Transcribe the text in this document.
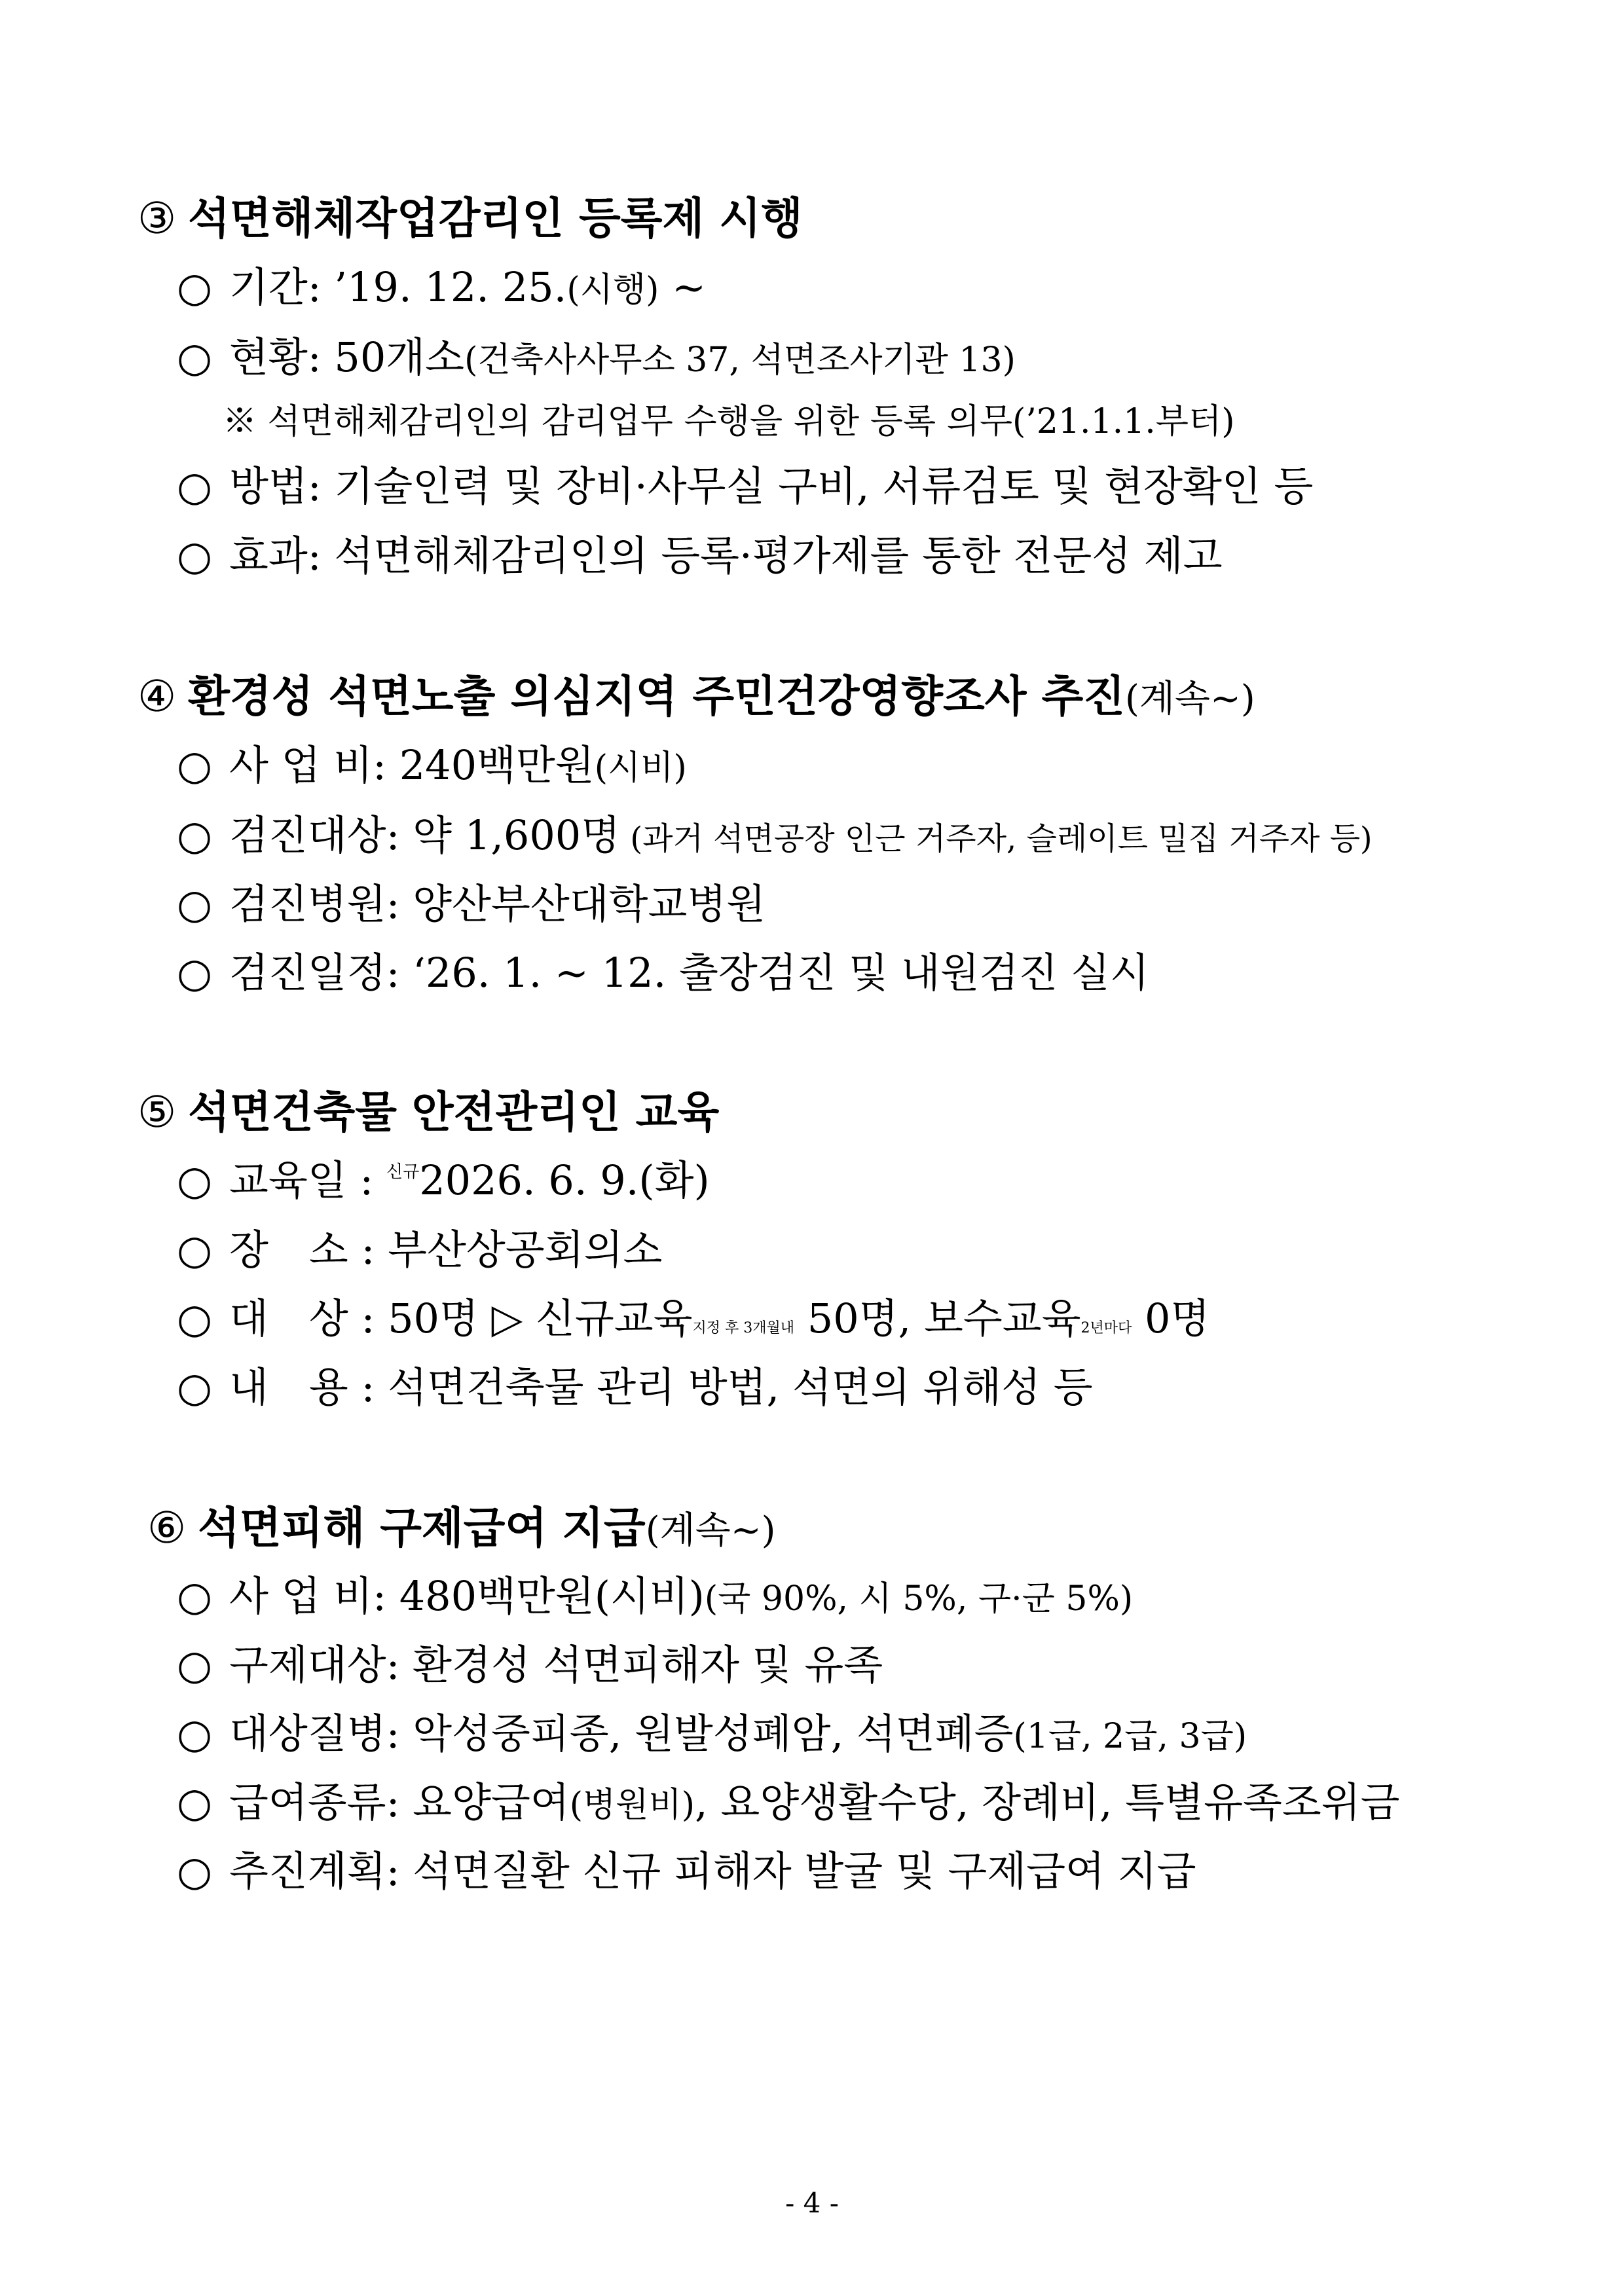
③ 석면해체작업감리인 등록제 시행
○ 기간: ’19. 12. 25.(시행) ~
○ 현황: 50개소(건축사사무소 37, 석면조사기관 13)
※ 석면해체감리인의 감리업무 수행을 위한 등록 의무(’21.1.1.부터)
○ 방법: 기술인력 및 장비·사무실 구비, 서류검토 및 현장확인 등
○ 효과: 석면해체감리인의 등록·평가제를 통한 전문성 제고
④ 환경성 석면노출 의심지역 주민건강영향조사 추진(계속~)
○ 사 업 비: 240백만원(시비)
○ 검진대상: 약 1,600명 (과거 석면공장 인근 거주자, 슬레이트 밀집 거주자 등)
○ 검진병원: 양산부산대학교병원
○ 검진일정: ‘26. 1. ~ 12. 출장검진 및 내원검진 실시
⑤ 석면건축물 안전관리인 교육
○ 교육일 : $^{신규}$2026. 6. 9.(화)
○ 장　소 : 부산상공회의소
○ 대　상 : 50명 ▷ 신규교육지정 후 3개월내 50명, 보수교육2년마다 0명
○ 내　용 : 석면건축물 관리 방법, 석면의 위해성 등
⑥ 석면피해 구제급여 지급(계속~)
○ 사 업 비: 480백만원(시비)(국 90%, 시 5%, 구·군 5%)
○ 구제대상: 환경성 석면피해자 및 유족
○ 대상질병: 악성중피종, 원발성폐암, 석면폐증(1급, 2급, 3급)
○ 급여종류: 요양급여(병원비), 요양생활수당, 장례비, 특별유족조위금
○ 추진계획: 석면질환 신규 피해자 발굴 및 구제급여 지급
- 4 -
